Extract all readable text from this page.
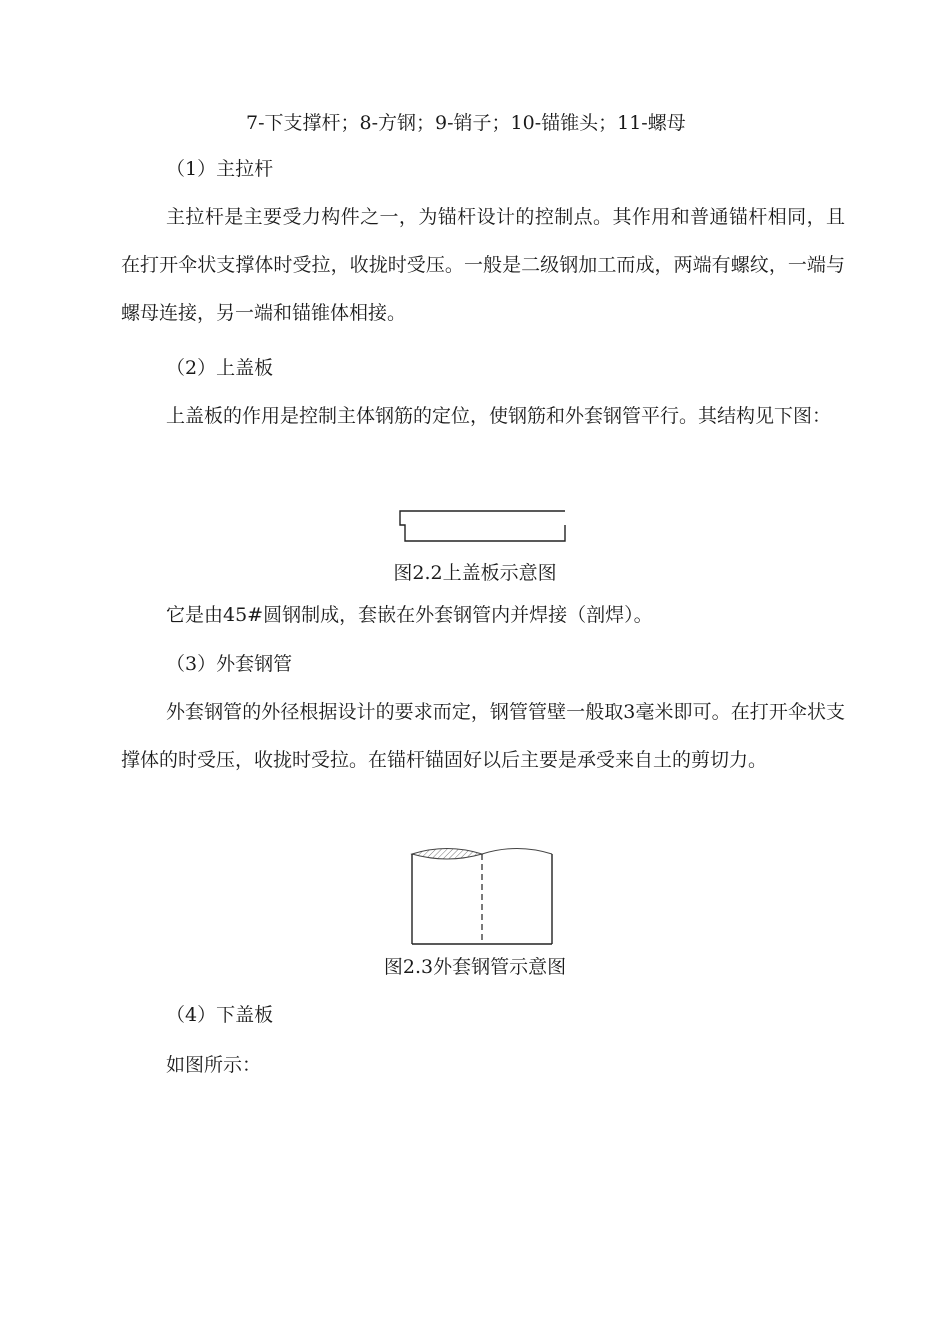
7-下支撑杆；8-方钢；9-销子；10-锚锥头；11-螺母
（1）主拉杆
主拉杆是主要受力构件之一，为锚杆设计的控制点。其作用和普通锚杆相同，且在打开伞状支撑体时受拉，收拢时受压。一般是二级钢加工而成，两端有螺纹，一端与螺母连接，另一端和锚锥体相接。
（2）上盖板
上盖板的作用是控制主体钢筋的定位，使钢筋和外套钢管平行。其结构见下图：
图2.2上盖板示意图
它是由45#圆钢制成，套嵌在外套钢管内并焊接（剖焊）。
（3）外套钢管
外套钢管的外径根据设计的要求而定，钢管管壁一般取3毫米即可。在打开伞状支撑体的时受压，收拢时受拉。在锚杆锚固好以后主要是承受来自土的剪切力。
图2.3外套钢管示意图
（4）下盖板
如图所示：
